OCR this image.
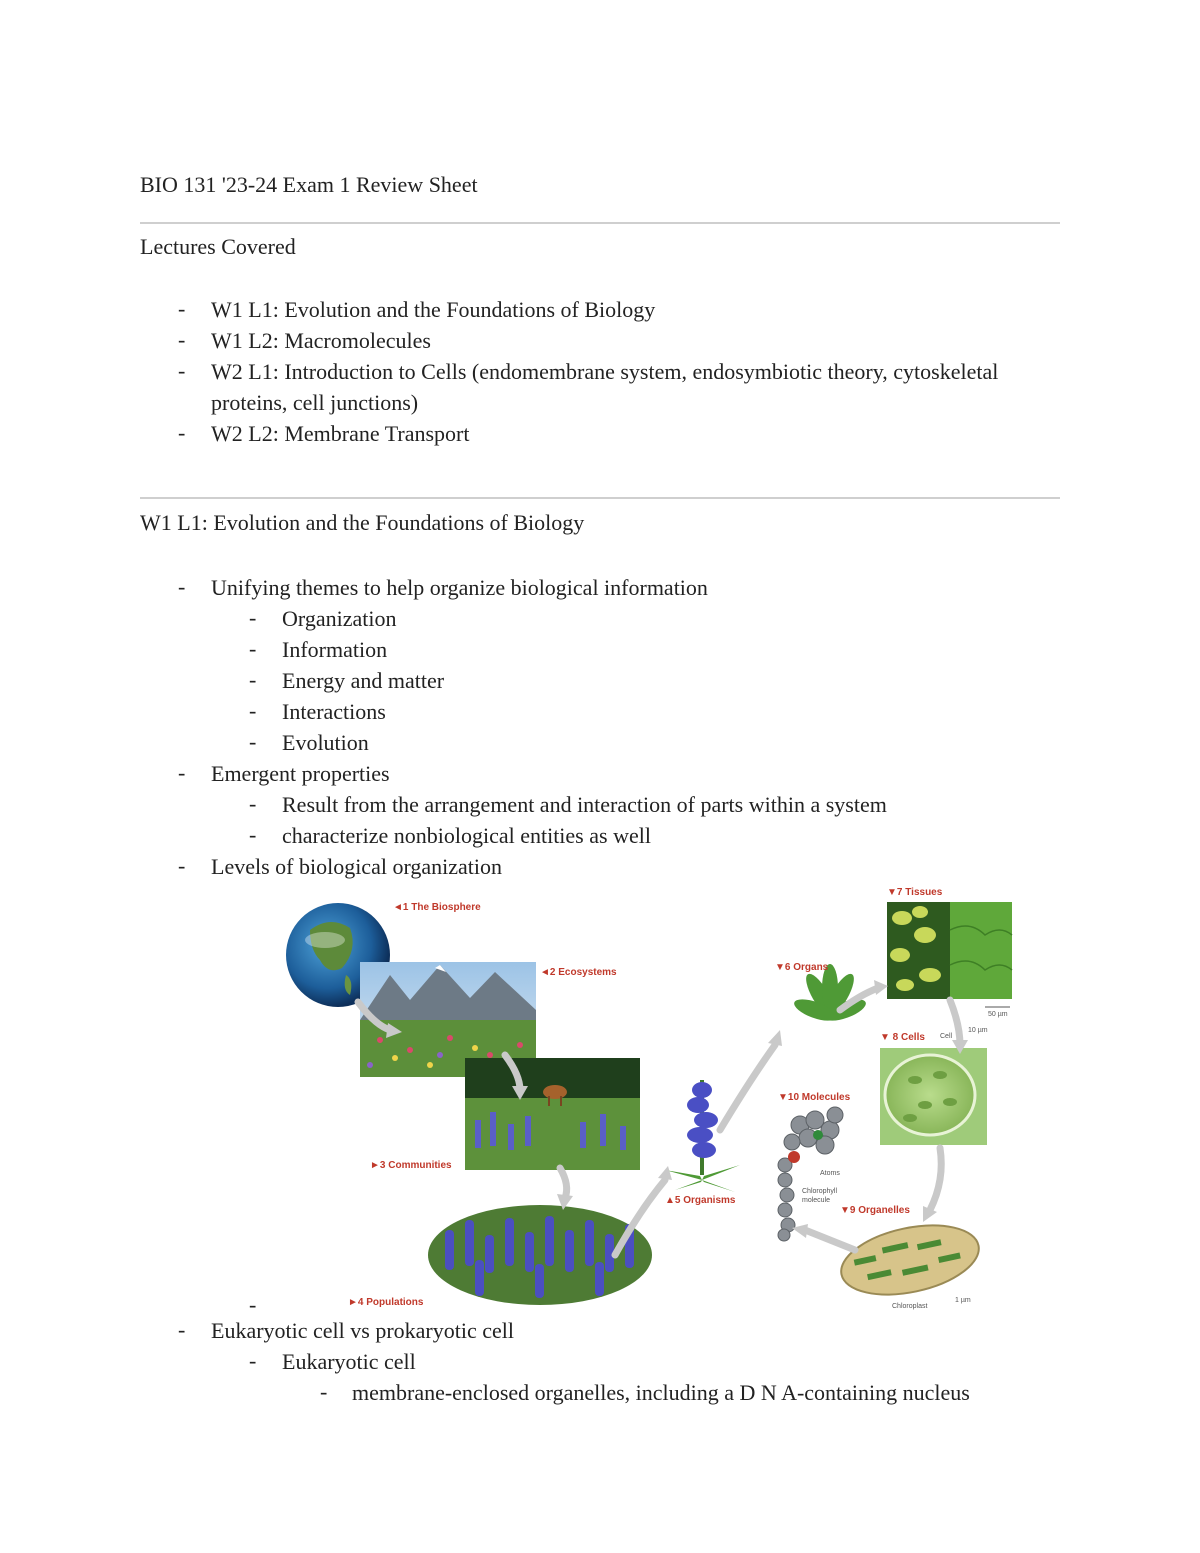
BIO 131 '23-24 Exam 1 Review Sheet
Lectures Covered
- W1 L1: Evolution and the Foundations of Biology
- W1 L2: Macromolecules
- W2 L1: Introduction to Cells (endomembrane system, endosymbiotic theory, cytoskeletal
proteins, cell junctions)
- W2 L2: Membrane Transport
W1 L1: Evolution and the Foundations of Biology
- Unifying themes to help organize biological information
- Organization
- Information
- Energy and matter
- Interactions
- Evolution
- Emergent properties
- Result from the arrangement and interaction of parts within a system
- characterize nonbiological entities as well
- Levels of biological organization
◄1 The Biosphere
◄2 Ecosystems
►3 Communities
►4 Populations
▲5 Organisms
▼6 Organs
▼7 Tissues
50 µm
▼ 8 Cells Cell
10 µm
▼10 Molecules
Atoms
Chlorophyll
molecule
▼9 Organelles
Chloroplast
1 µm
-
- Eukaryotic cell vs prokaryotic cell
- Eukaryotic cell
- membrane-enclosed organelles, including a D N A-containing nucleus
